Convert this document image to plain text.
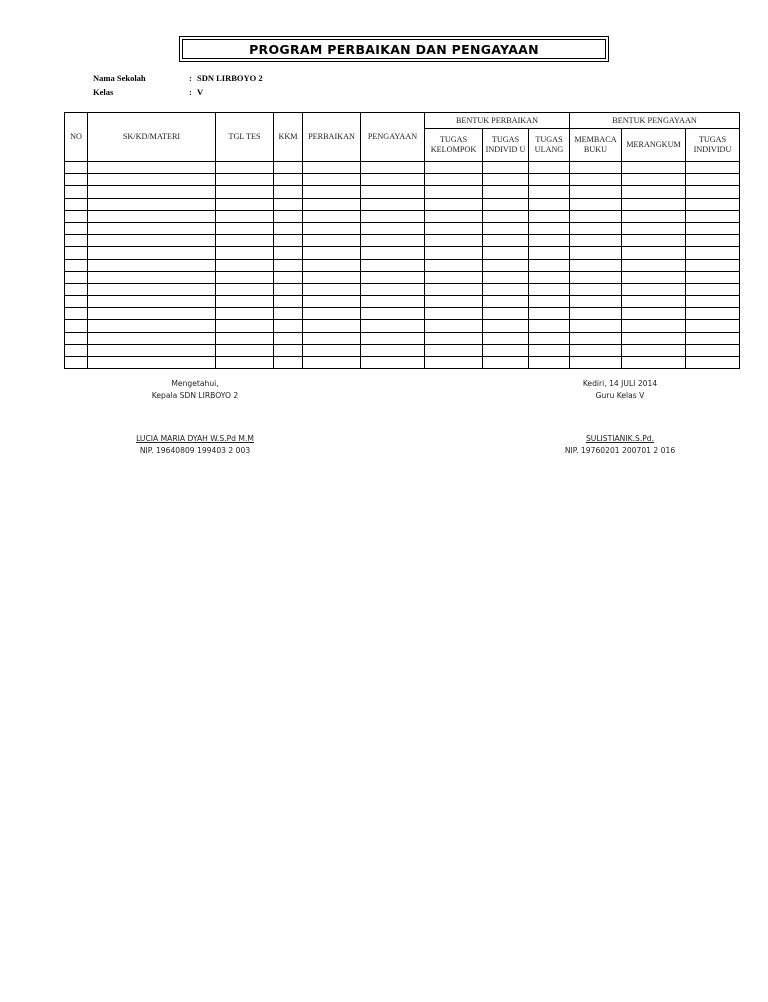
PROGRAM PERBAIKAN DAN PENGAYAAN
Nama Sekolah	: SDN LIRBOYO 2
Kelas	: V
NO	SK/KD/MATERI	TGL TES	KKM	PERBAIKAN	PENGAYAAN	BENTUK PERBAIKAN			BENTUK PENGAYAAN		
						TUGAS KELOMPOK	TUGAS INDIVID U	TUGAS ULANG	MEMBACA BUKU	MERANGKUM	TUGAS INDIVIDU

Mengetahui,
Kepala SDN LIRBOYO 2
LUCIA MARIA DYAH W.S.Pd M.M
NIP. 19640809 199403 2 003
Kediri, 14 JULI 2014
Guru Kelas V
SULISTIANIK.S.Pd.
NIP. 19760201 200701 2 016
